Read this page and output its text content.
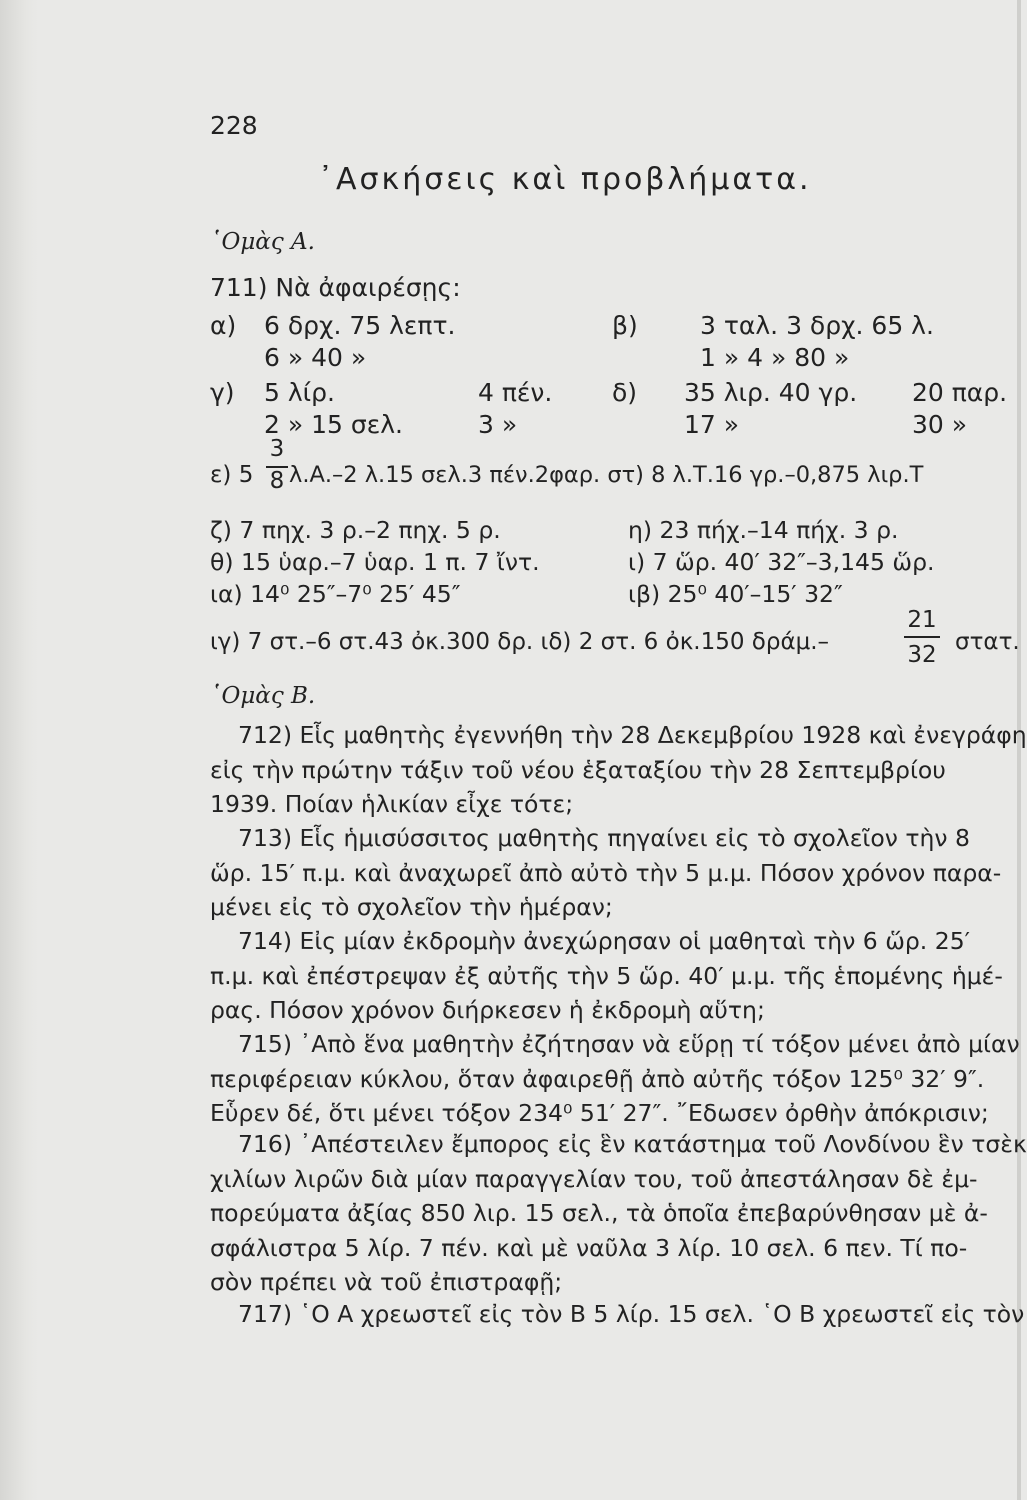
228
᾿Ασκήσεις καὶ προβλήματα.
῾Ομὰς Α.
711) Νὰ ἀφαιρέσῃς:
α) 6 δρχ. 75 λεπτ.
6 » 40 »
β) 3 ταλ. 3 δρχ. 65 λ.
1 » 4 » 80 »
γ) 5 λίρ.	4 πέν.
2 » 15 σελ.	3 »
δ) 35 λιρ. 40 γρ. 20 παρ.
17 »	30 »
ε) 5
3
8 λ.Α.–2 λ.15 σελ.3 πέν.2φαρ. στ) 8 λ.Τ.16 γρ.–0,875 λιρ.Τ
ζ) 7 πηχ. 3 ρ.–2 πηχ. 5 ρ.	η) 23 πήχ.–14 πήχ. 3 ρ.
θ) 15 ὑαρ.–7 ὑαρ. 1 π. 7 ἴντ.	ι) 7 ὥρ. 40′ 32″–3,145 ὥρ.
ια) 14⁰ 25″–7⁰ 25′ 45″	ιβ) 25⁰ 40′–15′ 32″
ιγ) 7 στ.–6 στ.43 ὀκ.300 δρ. ιδ) 2 στ. 6 ὀκ.150 δράμ.–
21
32 στατ.
῾Ομὰς Β.
712) Εἷς μαθητὴς ἐγεννήθη τὴν 28 Δεκεμβρίου 1928 καὶ ἐνεγράφη
εἰς τὴν πρώτην τάξιν τοῦ νέου ἑξαταξίου τὴν 28 Σεπτεμβρίου
1939. Ποίαν ἡλικίαν εἶχε τότε;
713) Εἷς ἡμισύσσιτος μαθητὴς πηγαίνει εἰς τὸ σχολεῖον τὴν 8
ὥρ. 15′ π.μ. καὶ ἀναχωρεῖ ἀπὸ αὐτὸ τὴν 5 μ.μ. Πόσον χρόνον παρα-
μένει εἰς τὸ σχολεῖον τὴν ἡμέραν;
714) Εἰς μίαν ἐκδρομὴν ἀνεχώρησαν οἱ μαθηταὶ τὴν 6 ὥρ. 25′
π.μ. καὶ ἐπέστρεψαν ἐξ αὐτῆς τὴν 5 ὥρ. 40′ μ.μ. τῆς ἑπομένης ἡμέ-
ρας. Πόσον χρόνον διήρκεσεν ἡ ἐκδρομὴ αὕτη;
715) ᾿Απὸ ἕνα μαθητὴν ἐζήτησαν νὰ εὕρῃ τί τόξον μένει ἀπὸ μίαν
περιφέρειαν κύκλου, ὅταν ἀφαιρεθῇ ἀπὸ αὐτῆς τόξον 125⁰ 32′ 9″.
Εὗρεν δέ, ὅτι μένει τόξον 234⁰ 51′ 27″. ῎Εδωσεν ὀρθὴν ἀπόκρισιν;
716) ᾿Απέστειλεν ἔμπορος εἰς ἓν κατάστημα τοῦ Λονδίνου ἓν τσὲκ
χιλίων λιρῶν διὰ μίαν παραγγελίαν του, τοῦ ἀπεστάλησαν δὲ ἐμ-
πορεύματα ἀξίας 850 λιρ. 15 σελ., τὰ ὁποῖα ἐπεβαρύνθησαν μὲ ἀ-
σφάλιστρα 5 λίρ. 7 πέν. καὶ μὲ ναῦλα 3 λίρ. 10 σελ. 6 πεν. Τί πο-
σὸν πρέπει νὰ τοῦ ἐπιστραφῇ;
717) ῾Ο Α χρεωστεῖ εἰς τὸν Β 5 λίρ. 15 σελ. ῾Ο Β χρεωστεῖ εἰς τὸν
